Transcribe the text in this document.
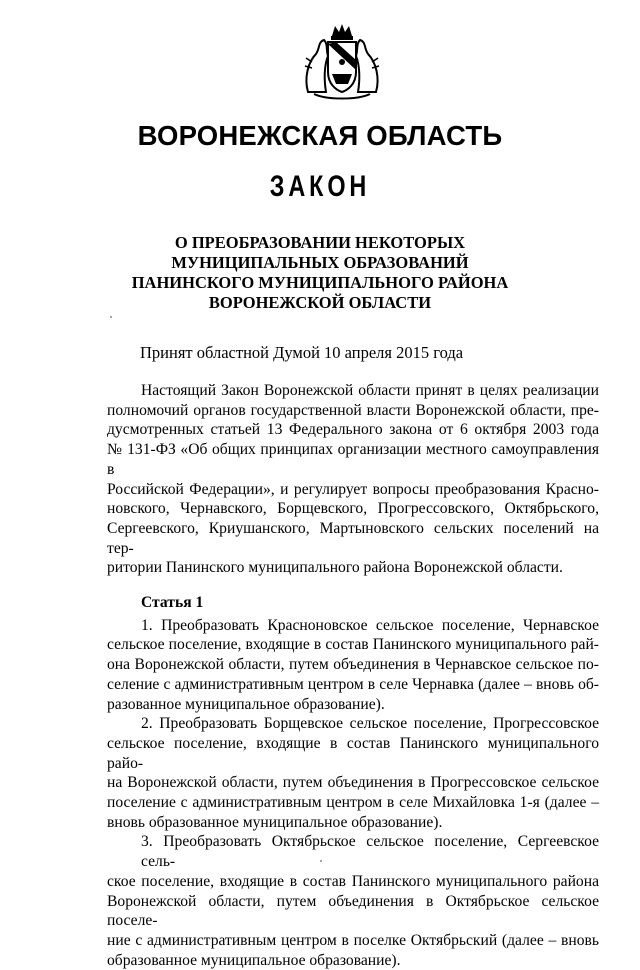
ВОРОНЕЖСКАЯ ОБЛАСТЬ
ЗАКОН
О ПРЕОБРАЗОВАНИИ НЕКОТОРЫХ
МУНИЦИПАЛЬНЫХ ОБРАЗОВАНИЙ
ПАНИНСКОГО МУНИЦИПАЛЬНОГО РАЙОНА
ВОРОНЕЖСКОЙ ОБЛАСТИ

Принят областной Думой 10 апреля 2015 года

Настоящий Закон Воронежской области принят в целях реализации
полномочий органов государственной власти Воронежской области, пре-
дусмотренных статьей 13 Федерального закона от 6 октября 2003 года
№ 131-ФЗ «Об общих принципах организации местного самоуправления в
Российской Федерации», и регулирует вопросы преобразования Красно-
новского, Чернавского, Борщевского, Прогрессовского, Октябрьского,
Сергеевского, Криушанского, Мартыновского сельских поселений на тер-
ритории Панинского муниципального района Воронежской области.
Статья 1
1. Преобразовать Красноновское сельское поселение, Чернавское
сельское поселение, входящие в состав Панинского муниципального рай-
она Воронежской области, путем объединения в Чернавское сельское по-
селение с административным центром в селе Чернавка (далее – вновь об-
разованное муниципальное образование).
2. Преобразовать Борщевское сельское поселение, Прогрессовское
сельское поселение, входящие в состав Панинского муниципального райо-
на Воронежской области, путем объединения в Прогрессовское сельское
поселение с административным центром в селе Михайловка 1-я (далее –
вновь образованное муниципальное образование).
3. Преобразовать Октябрьское сельское поселение, Сергеевское сель-
ское поселение, входящие в состав Панинского муниципального района
Воронежской области, путем объединения в Октябрьское сельское поселе-
ние с административным центром в поселке Октябрьский (далее – вновь
образованное муниципальное образование).
